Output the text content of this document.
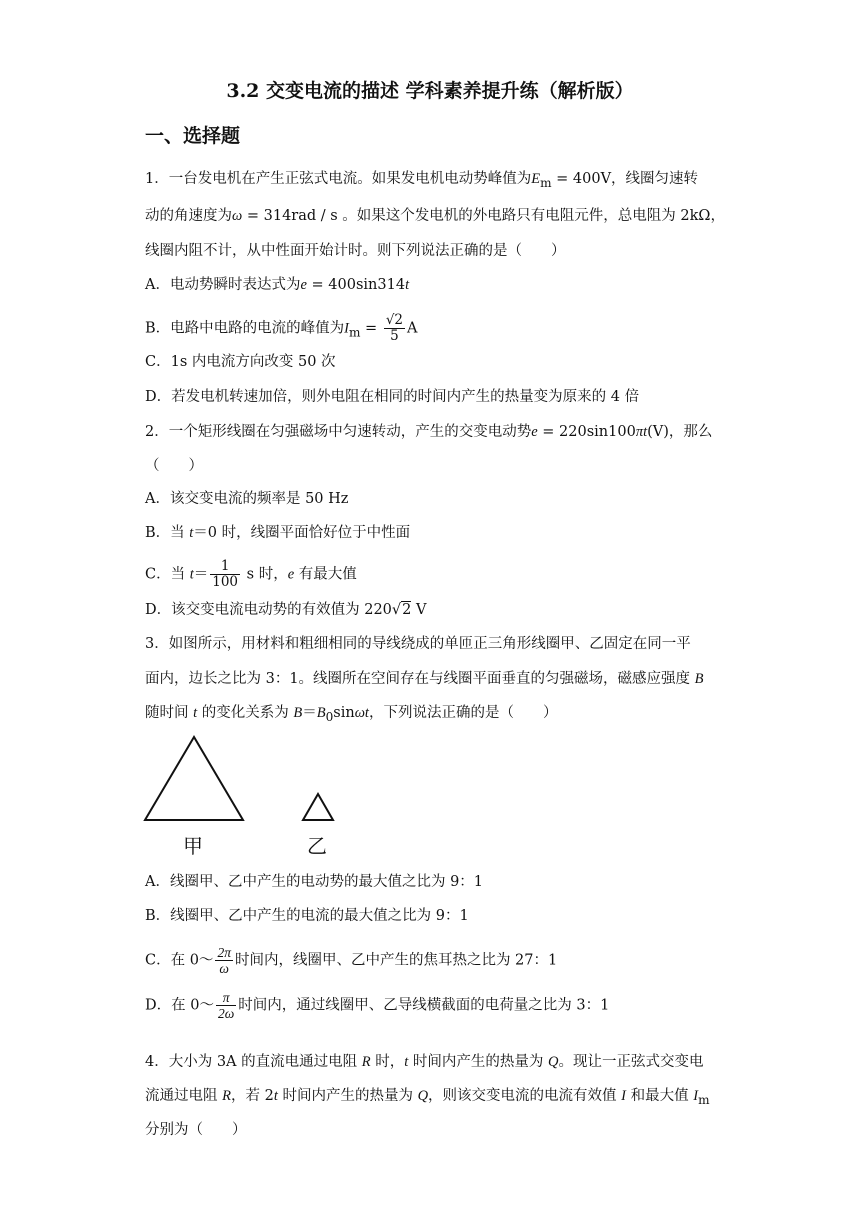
3.2 交变电流的描述 学科素养提升练（解析版）
一、选择题
1．一台发电机在产生正弦式电流。如果发电机电动势峰值为$E_m = 400V$，线圈匀速转
动的角速度为ω = 314rad / s 。如果这个发电机的外电路只有电阻元件，总电阻为 2kΩ，
线圈内阻不计，从中性面开始计时。则下列说法正确的是（　　）
A．电动势瞬时表达式为e = 400sin314t
B．电路中电路的电流的峰值为$I_m = \frac{√2}{5}$ A
C．1s 内电流方向改变 50 次
D．若发电机转速加倍，则外电阻在相同的时间内产生的热量变为原来的 4 倍
2．一个矩形线圈在匀强磁场中匀速转动，产生的交变电动势e = 220sin100πt(V)，那么
（　　）
A．该交变电流的频率是 50 Hz
B．当 t＝0 时，线圈平面恰好位于中性面
C．当 $t= \frac{1}{100}$ s 时，e 有最大值
D．该交变电流电动势的有效值为 220√2 V
3．如图所示，用材料和粗细相同的导线绕成的单匝正三角形线圈甲、乙固定在同一平
面内，边长之比为 3：1。线圈所在空间存在与线圈平面垂直的匀强磁场，磁感应强度 B
随时间 t 的变化关系为 $B=B_0\sin\omega t$，下列说法正确的是（　　）
甲	乙
A．线圈甲、乙中产生的电动势的最大值之比为 9：1
B．线圈甲、乙中产生的电流的最大值之比为 9：1
C．在 0～ $\frac{2\pi}{\omega}$ 时间内，线圈甲、乙中产生的焦耳热之比为 27：1
D．在 0～ $\frac{\pi}{2\omega}$ 时间内，通过线圈甲、乙导线横截面的电荷量之比为 3：1
4．大小为 3A 的直流电通过电阻 R 时，t 时间内产生的热量为 Q。现让一正弦式交变电
流通过电阻 R，若 2t 时间内产生的热量为 Q，则该交变电流的电流有效值 I 和最大值 $I_m$
分别为（　　）
